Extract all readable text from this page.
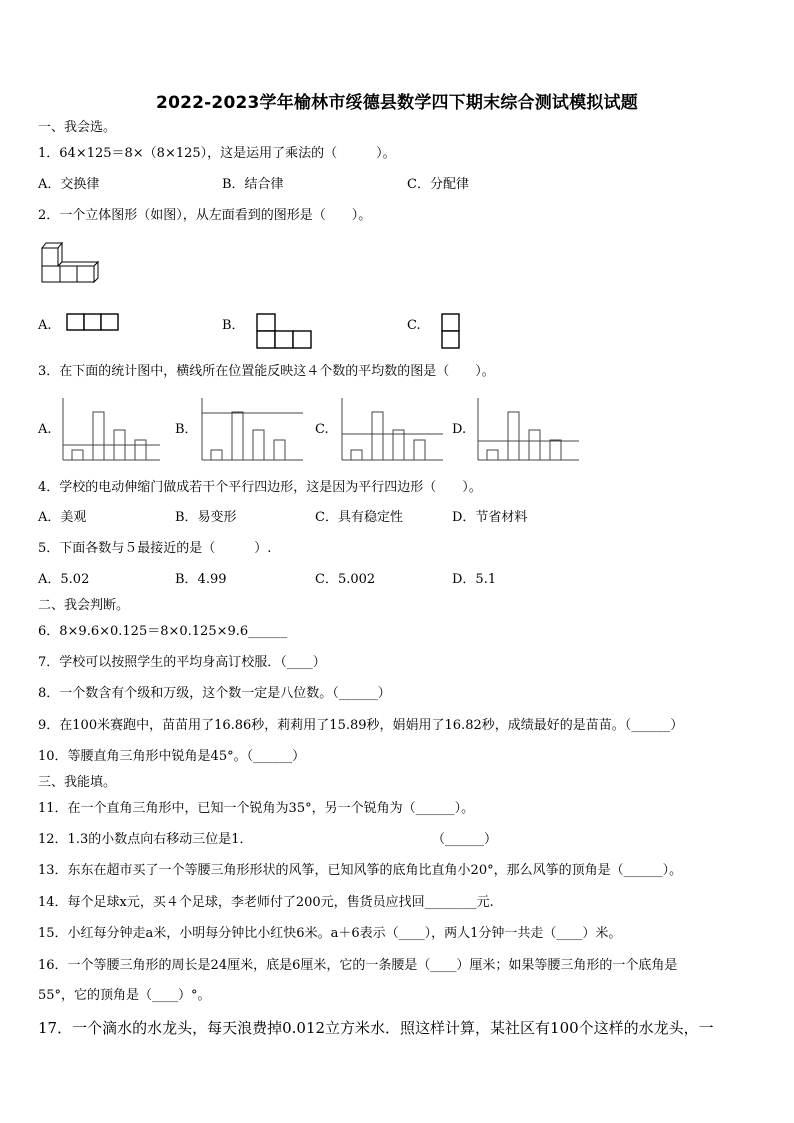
2022-2023学年榆林市绥德县数学四下期末综合测试模拟试题
一、我会选。
1．64×125＝8×（8×125），这是运用了乘法的（　　　）。
A．交换律	B．结合律	C．分配律
2．一个立体图形（如图），从左面看到的图形是（　　）。
A.	B．	C.
3．在下面的统计图中，横线所在位置能反映这４个数的平均数的图是（　　）。
A.	B．	C.	D.
4．学校的电动伸缩门做成若干个平行四边形，这是因为平行四边形（　　）。
A．美观	B．易变形	C．具有稳定性	D．节省材料
5．下面各数与５最接近的是（　　　）.
A．5.02	B．4.99	C．5.002	D．5.1
二、我会判断。
6．8×9.6×0.125＝8×0.125×9.6______
7．学校可以按照学生的平均身高订校服．（____）
8．一个数含有个级和万级，这个数一定是八位数。（______）
9．在100米赛跑中，苗苗用了16.86秒，莉莉用了15.89秒，娟娟用了16.82秒，成绩最好的是苗苗。（______）
10．等腰直角三角形中锐角是45°。（______）
三、我能填。
11．在一个直角三角形中，已知一个锐角为35°，另一个锐角为（______）。
12．1.3的小数点向右移动三位是1．	（______）
13．东东在超市买了一个等腰三角形形状的风筝，已知风筝的底角比直角小20°，那么风筝的顶角是（______）。
14．每个足球x元，买４个足球，李老师付了200元，售货员应找回________元.
15．小红每分钟走a米，小明每分钟比小红快6米。a＋6表示（____），两人1分钟一共走（____）米。
16．一个等腰三角形的周长是24厘米，底是6厘米，它的一条腰是（____）厘米；如果等腰三角形的一个底角是
55°，它的顶角是（____）°。
17．一个滴水的水龙头，每天浪费掉0.012立方米水．照这样计算，某社区有100个这样的水龙头，一
